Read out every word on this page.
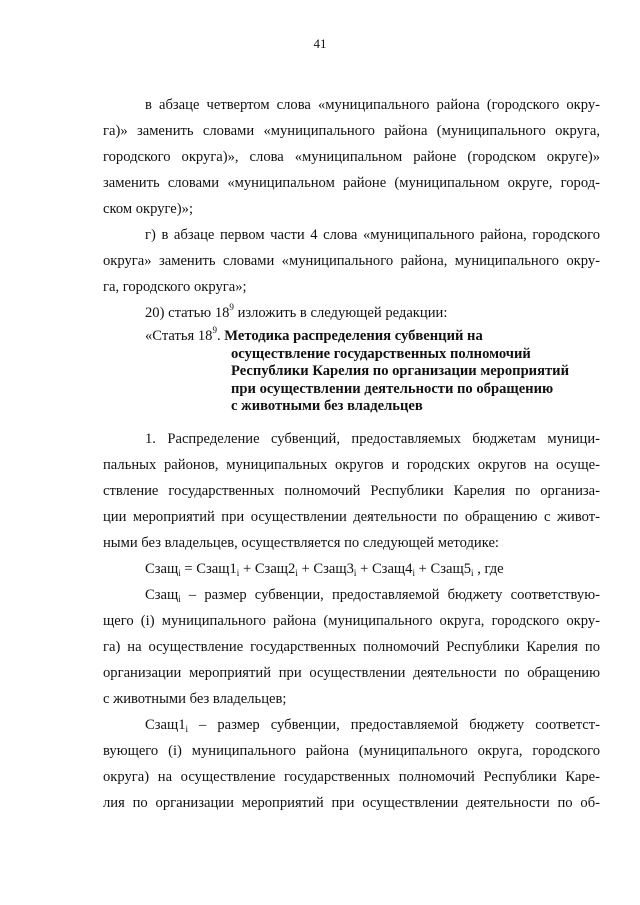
41
в абзаце четвертом слова «муниципального района (городского окру-
га)» заменить словами «муниципального района (муниципального округа,
городского округа)», слова «муниципальном районе (городском округе)»
заменить словами «муниципальном районе (муниципальном округе, город-
ском округе)»;
г) в абзаце первом части 4 слова «муниципального района, городского
округа» заменить словами «муниципального района, муниципального окру-
га, городского округа»;
20) статью $18^9$ изложить в следующей редакции:
«Статья $18^9$. Методика распределения субвенций на
осуществление государственных полномочий
Республики Карелия по организации мероприятий
при осуществлении деятельности по обращению
с животными без владельцев
1. Распределение субвенций, предоставляемых бюджетам муници-
пальных районов, муниципальных округов и городских округов на осуще-
ствление государственных полномочий Республики Карелия по организа-
ции мероприятий при осуществлении деятельности по обращению с живот-
ными без владельцев, осуществляется по следующей методике:
Сзащ$_i$ = $Сзащ1_i$ + $Сзащ2_i$ + $Сзащ3_i$ + $Сзащ4_i$ + $Сзащ5_i$ , где
Сзащ$_i$ – размер субвенции, предоставляемой бюджету соответствую-
щего (i) муниципального района (муниципального округа, городского окру-
га) на осуществление государственных полномочий Республики Карелия по
организации мероприятий при осуществлении деятельности по обращению
с животными без владельцев;
$Сзащ1_i$ – размер субвенции, предоставляемой бюджету соответст-
вующего (i) муниципального района (муниципального округа, городского
округа) на осуществление государственных полномочий Республики Каре-
лия по организации мероприятий при осуществлении деятельности по об-
